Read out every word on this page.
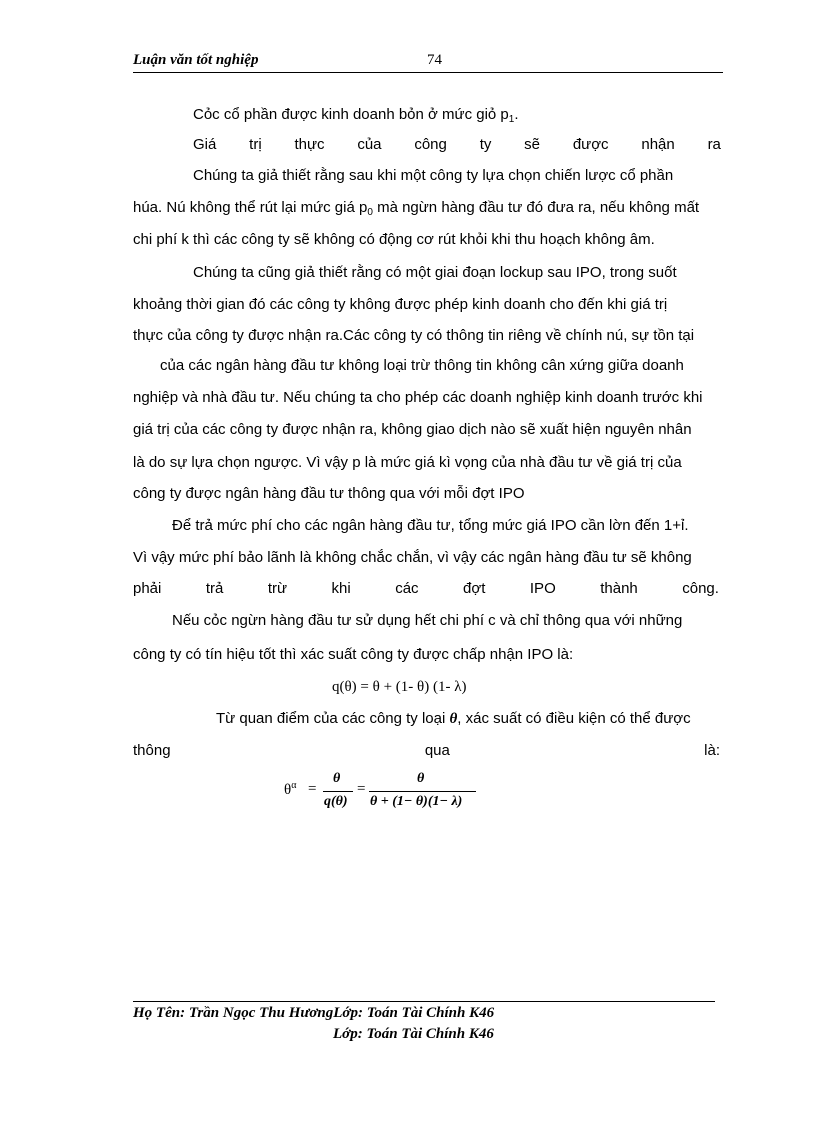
Luận văn tốt nghiệp	74
Cỏc cổ phần được kinh doanh bỏn ở mức giỏ $p_1$.
Giá trị thực của công ty sẽ được nhận ra
Chúng ta giả thiết rằng sau khi một công ty lựa chọn chiến lược cổ phần
húa. Nú không thể rút lại mức giá $p_0$ mà ngừn hàng đầu tư đó đưa ra, nếu không mất
chi phí k thì các công ty sẽ không có động cơ rút khỏi khi thu hoạch không âm.
Chúng ta cũng giả thiết rằng có một giai đoạn lockup sau IPO, trong suốt
khoảng thời gian đó các công ty không được phép kinh doanh cho đến khi giá trị
thực của công ty được nhận ra.Các công ty có thông tin riêng về chính nú, sự tồn tại
của các ngân hàng đầu tư không loại trừ thông tin không cân xứng giữa doanh
nghiệp và nhà đầu tư. Nếu chúng ta cho phép các doanh nghiệp kinh doanh trước khi
giá trị của các công ty được nhận ra, không giao dịch nào sẽ xuất hiện nguyên nhân
là do sự lựa chọn ngược. Vì vậy p là mức giá kì vọng của nhà đầu tư về giá trị của
công ty được ngân hàng đầu tư thông qua với mỗi đợt IPO
Để trả mức phí cho các ngân hàng đầu tư, tổng mức giá IPO cần lờn đến 1+ỉ.
Vì vậy mức phí bảo lãnh là không chắc chắn, vì vậy các ngân hàng đầu tư sẽ không
phải	trả	trừ	khi	các	đợt	IPO	thành	công.
Nếu cỏc ngừn hàng đầu tư sử dụng hết chi phí c và chỉ thông qua với những
công ty có tín hiệu tốt thì xác suất công ty được chấp nhận IPO là:
q(θ) = θ + (1- θ) (1- λ)
Từ quan điểm của các công ty loại θ, xác suất có điều kiện có thể được
thông	qua	là:
$\theta^\alpha$ =
θ
q(θ)
=
θ
θ + (1− θ)(1− λ)
Họ Tên: Trần Ngọc Thu HươngLớp: Toán Tài Chính K46
Lớp: Toán Tài Chính K46
